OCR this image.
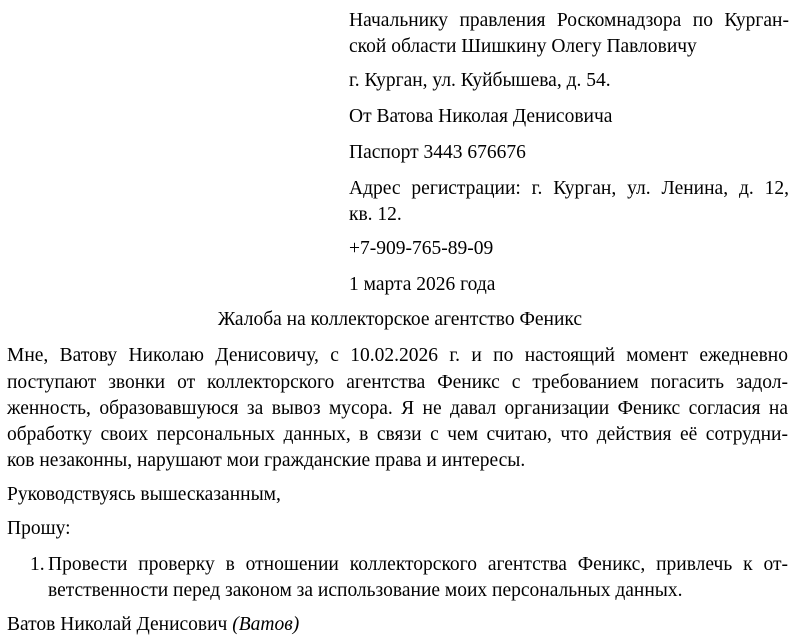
Начальнику правления Роскомнадзора по Курган-
ской области Шишкину Олегу Павловичу
г. Курган, ул. Куйбышева, д. 54.
От Ватова Николая Денисовича
Паспорт 3443 676676
Адрес регистрации: г. Курган, ул. Ленина, д. 12,
кв. 12.
+7-909-765-89-09
1 марта 2026 года
Жалоба на коллекторское агентство Феникс
Мне, Ватову Николаю Денисовичу, с 10.02.2026 г. и по настоящий момент ежедневно
поступают звонки от коллекторского агентства Феникс с требованием погасить задол-
женность, образовавшуюся за вывоз мусора. Я не давал организации Феникс согласия на
обработку своих персональных данных, в связи с чем считаю, что действия её сотрудни-
ков незаконны, нарушают мои гражданские права и интересы.
Руководствуясь вышесказанным,
Прошу:
1. Провести проверку в отношении коллекторского агентства Феникс, привлечь к от-
ветственности перед законом за использование моих персональных данных.
Ватов Николай Денисович (Ватов)
